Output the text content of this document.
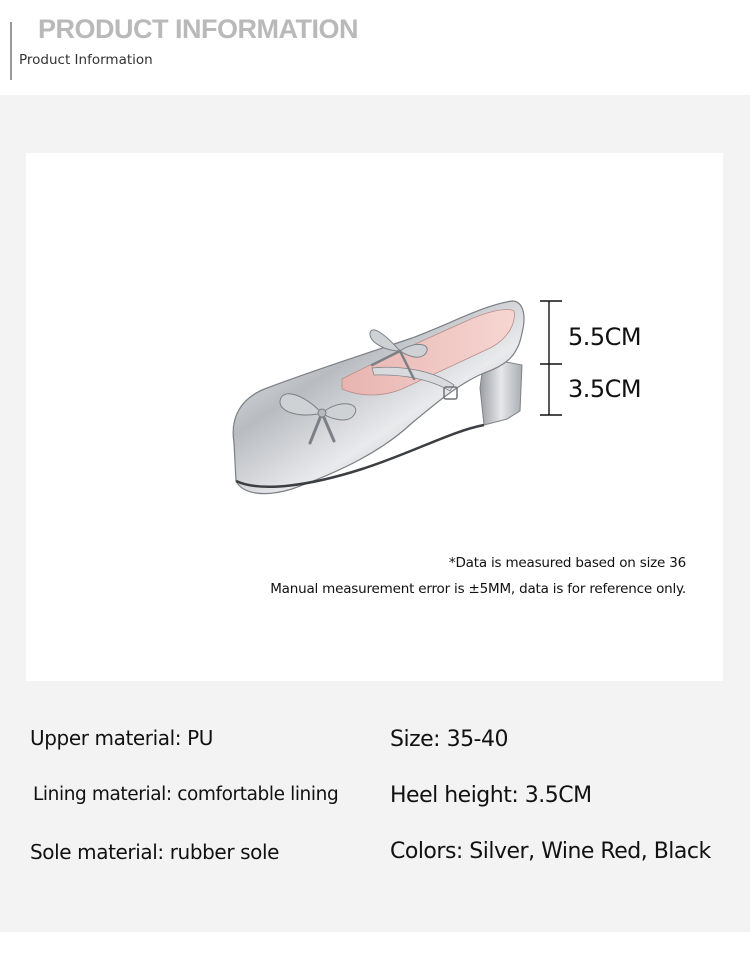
PRODUCT INFORMATION
Product Information
5.5CM
3.5CM
*Data is measured based on size 36
Manual measurement error is ±5MM, data is for reference only.
Upper material: PU
Lining material: comfortable lining
Sole material: rubber sole
Size: 35-40
Heel height: 3.5CM
Colors: Silver, Wine Red, Black
